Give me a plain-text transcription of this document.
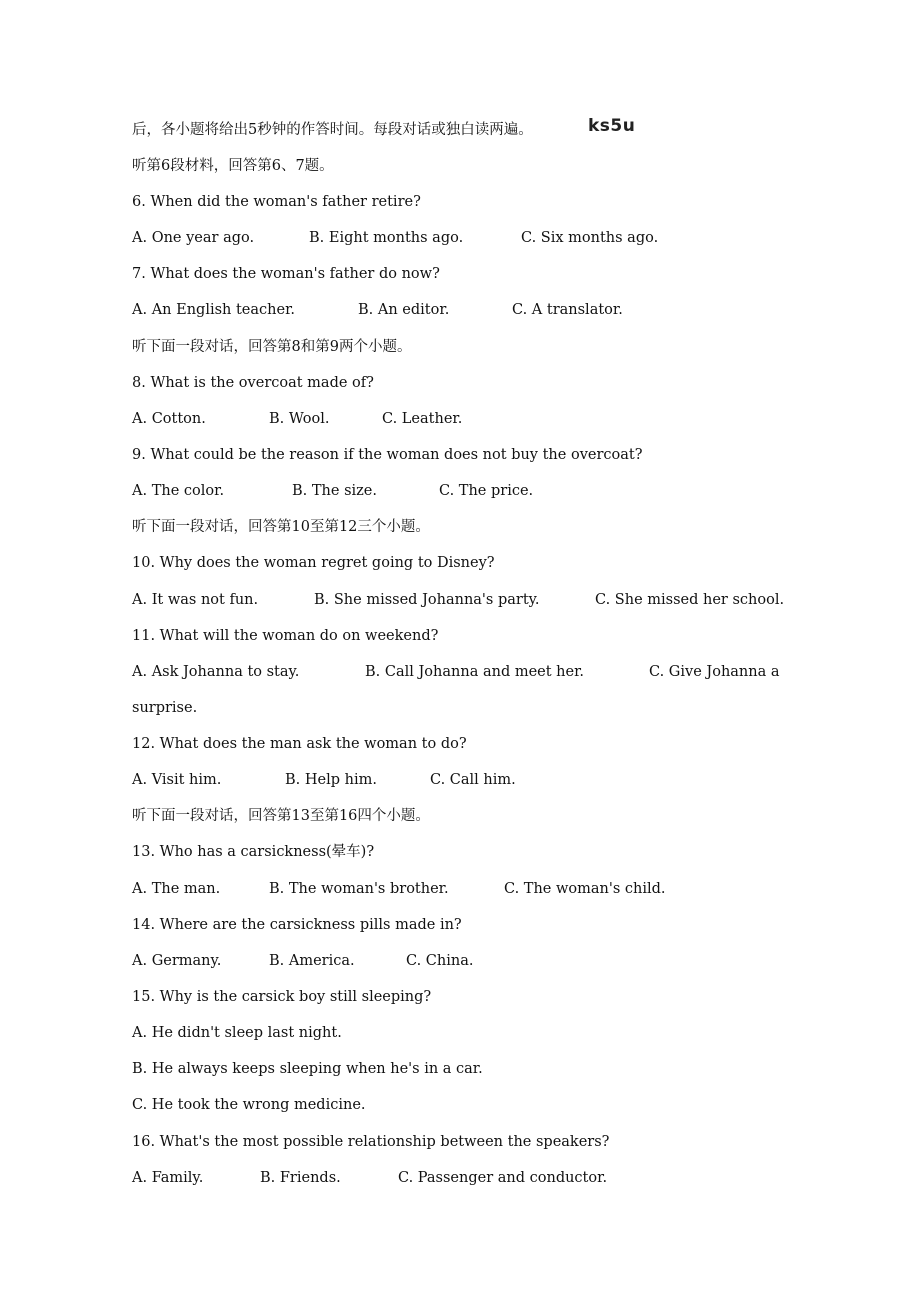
后，各小题将给出5秒钟的作答时间。每段对话或独白读两遍。	ks5u
听第6段材料，回答第6、7题。
6. When did the woman's father retire?

A. One year ago.

	B. Eight months ago.

	C. Six months ago.

7. What does the woman's father do now?

A. An English teacher.

	B. An editor.

	C. A translator.

听下面一段对话，回答第8和第9两个小题。
8. What is the overcoat made of?

A. Cotton.

	B. Wool.

	C. Leather.

9. What could be the reason if the woman does not buy the overcoat?

A. The color.

	B. The size.

	C. The price.

听下面一段对话，回答第10至第12三个小题。
10. Why does the woman regret going to Disney?

A. It was not fun.

	B. She missed Johanna's party.

	C. She missed her school.

11. What will the woman do on weekend?

A. Ask Johanna to stay.

	B. Call Johanna and meet her.

	C. Give Johanna a

surprise.
12. What does the man ask the woman to do?

A. Visit him.

	B. Help him.

	C. Call him.

听下面一段对话，回答第13至第16四个小题。
13. Who has a carsickness(晕车)?

A. The man.

	B. The woman's brother.

	C. The woman's child.

14. Where are the carsickness pills made in?

A. Germany.

	B. America.

	C. China.

15. Why is the carsick boy still sleeping?
A. He didn't sleep last night.
B. He always keeps sleeping when he's in a car.
C. He took the wrong medicine.
16. What's the most possible relationship between the speakers?

A. Family.

	B. Friends.

	C. Passenger and conductor.
